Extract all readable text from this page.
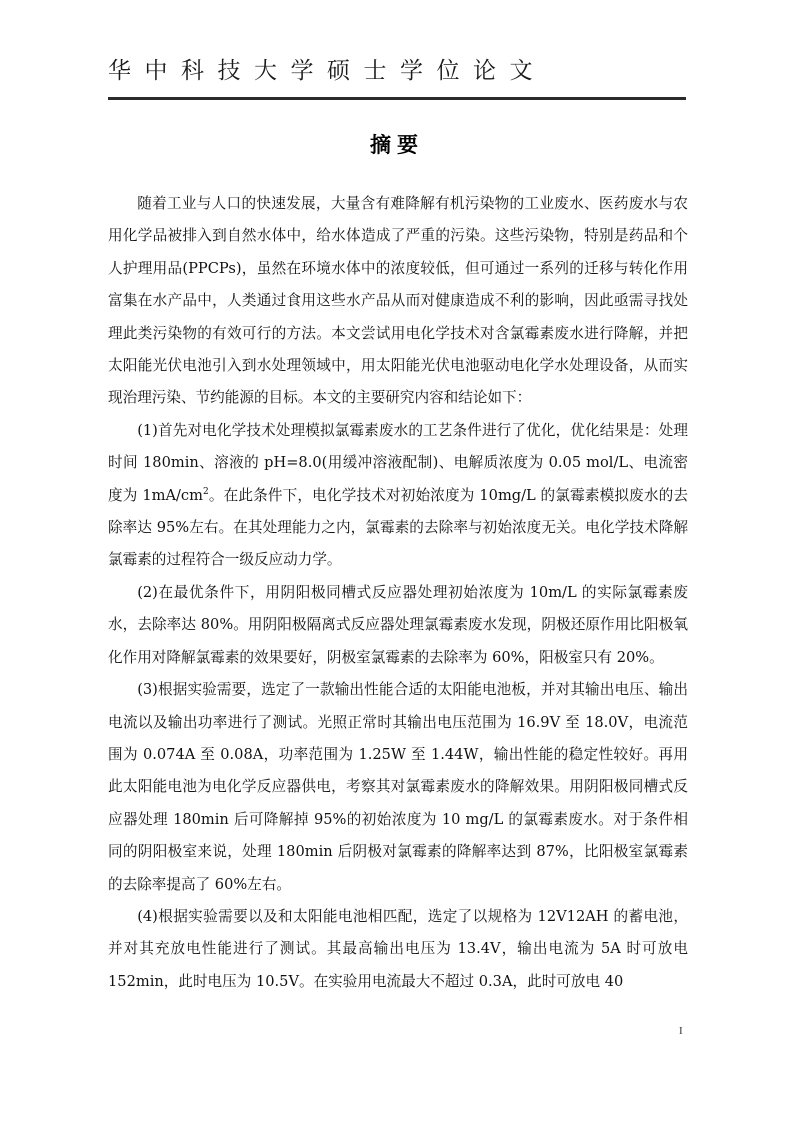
华中科技大学硕士学位论文
摘要

随着工业与人口的快速发展，大量含有难降解有机污染物的工业废水、医药废水与农用化学品被排入到自然水体中，给水体造成了严重的污染。这些污染物，特别是药品和个人护理用品(PPCPs)，虽然在环境水体中的浓度较低，但可通过一系列的迁移与转化作用富集在水产品中，人类通过食用这些水产品从而对健康造成不利的影响，因此亟需寻找处理此类污染物的有效可行的方法。本文尝试用电化学技术对含氯霉素废水进行降解，并把太阳能光伏电池引入到水处理领域中，用太阳能光伏电池驱动电化学水处理设备，从而实现治理污染、节约能源的目标。本文的主要研究内容和结论如下：

(1)首先对电化学技术处理模拟氯霉素废水的工艺条件进行了优化，优化结果是：处理时间 180min、溶液的 pH=8.0(用缓冲溶液配制)、电解质浓度为 0.05 mol/L、电流密度为 $1mA/cm^2$。在此条件下，电化学技术对初始浓度为 10mg/L 的氯霉素模拟废水的去除率达 95%左右。在其处理能力之内，氯霉素的去除率与初始浓度无关。电化学技术降解氯霉素的过程符合一级反应动力学。

(2)在最优条件下，用阴阳极同槽式反应器处理初始浓度为 10m/L 的实际氯霉素废水，去除率达 80%。用阴阳极隔离式反应器处理氯霉素废水发现，阴极还原作用比阳极氧化作用对降解氯霉素的效果要好，阴极室氯霉素的去除率为 60%，阳极室只有 20%。

(3)根据实验需要，选定了一款输出性能合适的太阳能电池板，并对其输出电压、输出电流以及输出功率进行了测试。光照正常时其输出电压范围为 16.9V 至 18.0V，电流范围为 0.074A 至 0.08A，功率范围为 1.25W 至 1.44W，输出性能的稳定性较好。再用此太阳能电池为电化学反应器供电，考察其对氯霉素废水的降解效果。用阴阳极同槽式反应器处理 180min 后可降解掉 95%的初始浓度为 10 mg/L 的氯霉素废水。对于条件相同的阴阳极室来说，处理 180min 后阴极对氯霉素的降解率达到 87%，比阳极室氯霉素的去除率提高了 60%左右。

(4)根据实验需要以及和太阳能电池相匹配，选定了以规格为 12V12AH 的蓄电池，并对其充放电性能进行了测试。其最高输出电压为 13.4V，输出电流为 5A 时可放电 152min，此时电压为 10.5V。在实验用电流最大不超过 0.3A，此时可放电 40

I
